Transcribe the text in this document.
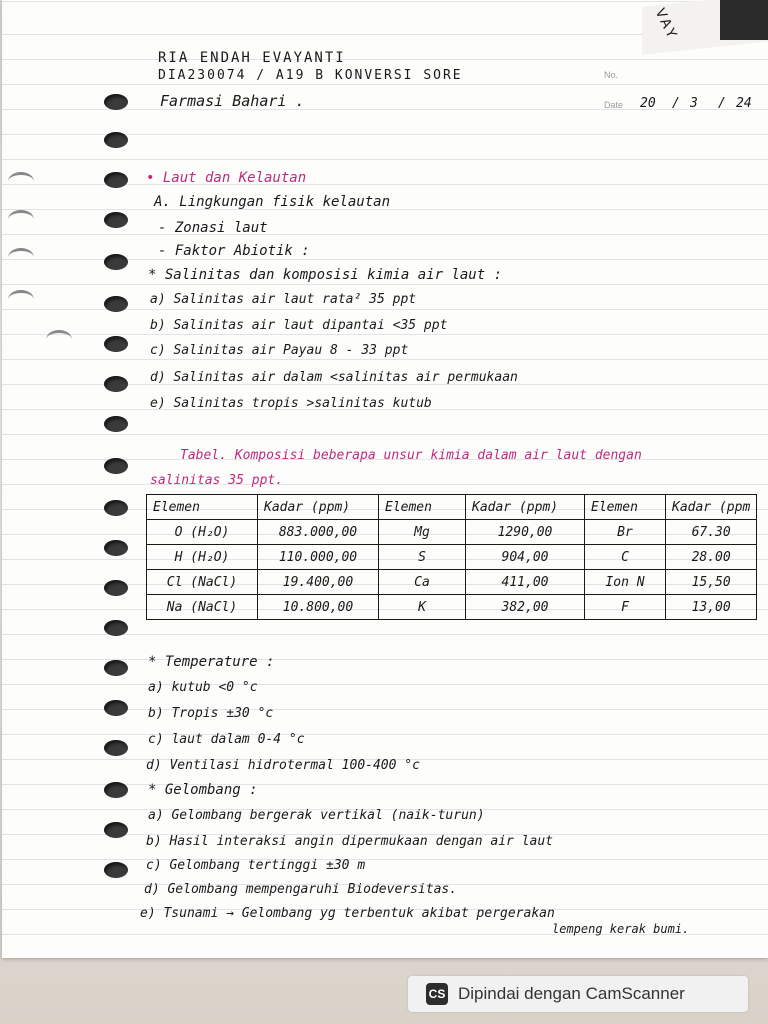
VAY
RIA ENDAH EVAYANTI
DIA230074 / A19 B KONVERSI SORE
Farmasi Bahari .
No.
Date 20 / 3 / 24
• Laut dan Kelautan
A. Lingkungan fisik kelautan
- Zonasi laut
- Faktor Abiotik :
* Salinitas dan komposisi kimia air laut :
a) Salinitas air laut rata² 35 ppt
b) Salinitas air laut dipantai <35 ppt
c) Salinitas air Payau 8 - 33 ppt
d) Salinitas air dalam <salinitas air permukaan
e) Salinitas tropis >salinitas kutub
Tabel. Komposisi beberapa unsur kimia dalam air laut dengan
salinitas 35 ppt.
Elemen	Kadar (ppm)	Elemen	Kadar (ppm)	Elemen	Kadar (ppm
O (H₂O)	883.000,00	Mg	1290,00	Br	67.30
H (H₂O)	110.000,00	S	904,00	C	28.00
Cl (NaCl)	19.400,00	Ca	411,00	Ion N	15,50
Na (NaCl)	10.800,00	K	382,00	F	13,00
* Temperature :
a) kutub <0 °c
b) Tropis ±30 °c
c) laut dalam 0-4 °c
d) Ventilasi hidrotermal 100-400 °c
* Gelombang :
a) Gelombang bergerak vertikal (naik-turun)
b) Hasil interaksi angin dipermukaan dengan air laut
c) Gelombang tertinggi ±30 m
d) Gelombang mempengaruhi Biodeversitas.
e) Tsunami → Gelombang yg terbentuk akibat pergerakan
lempeng kerak bumi.
CS Dipindai dengan CamScanner
